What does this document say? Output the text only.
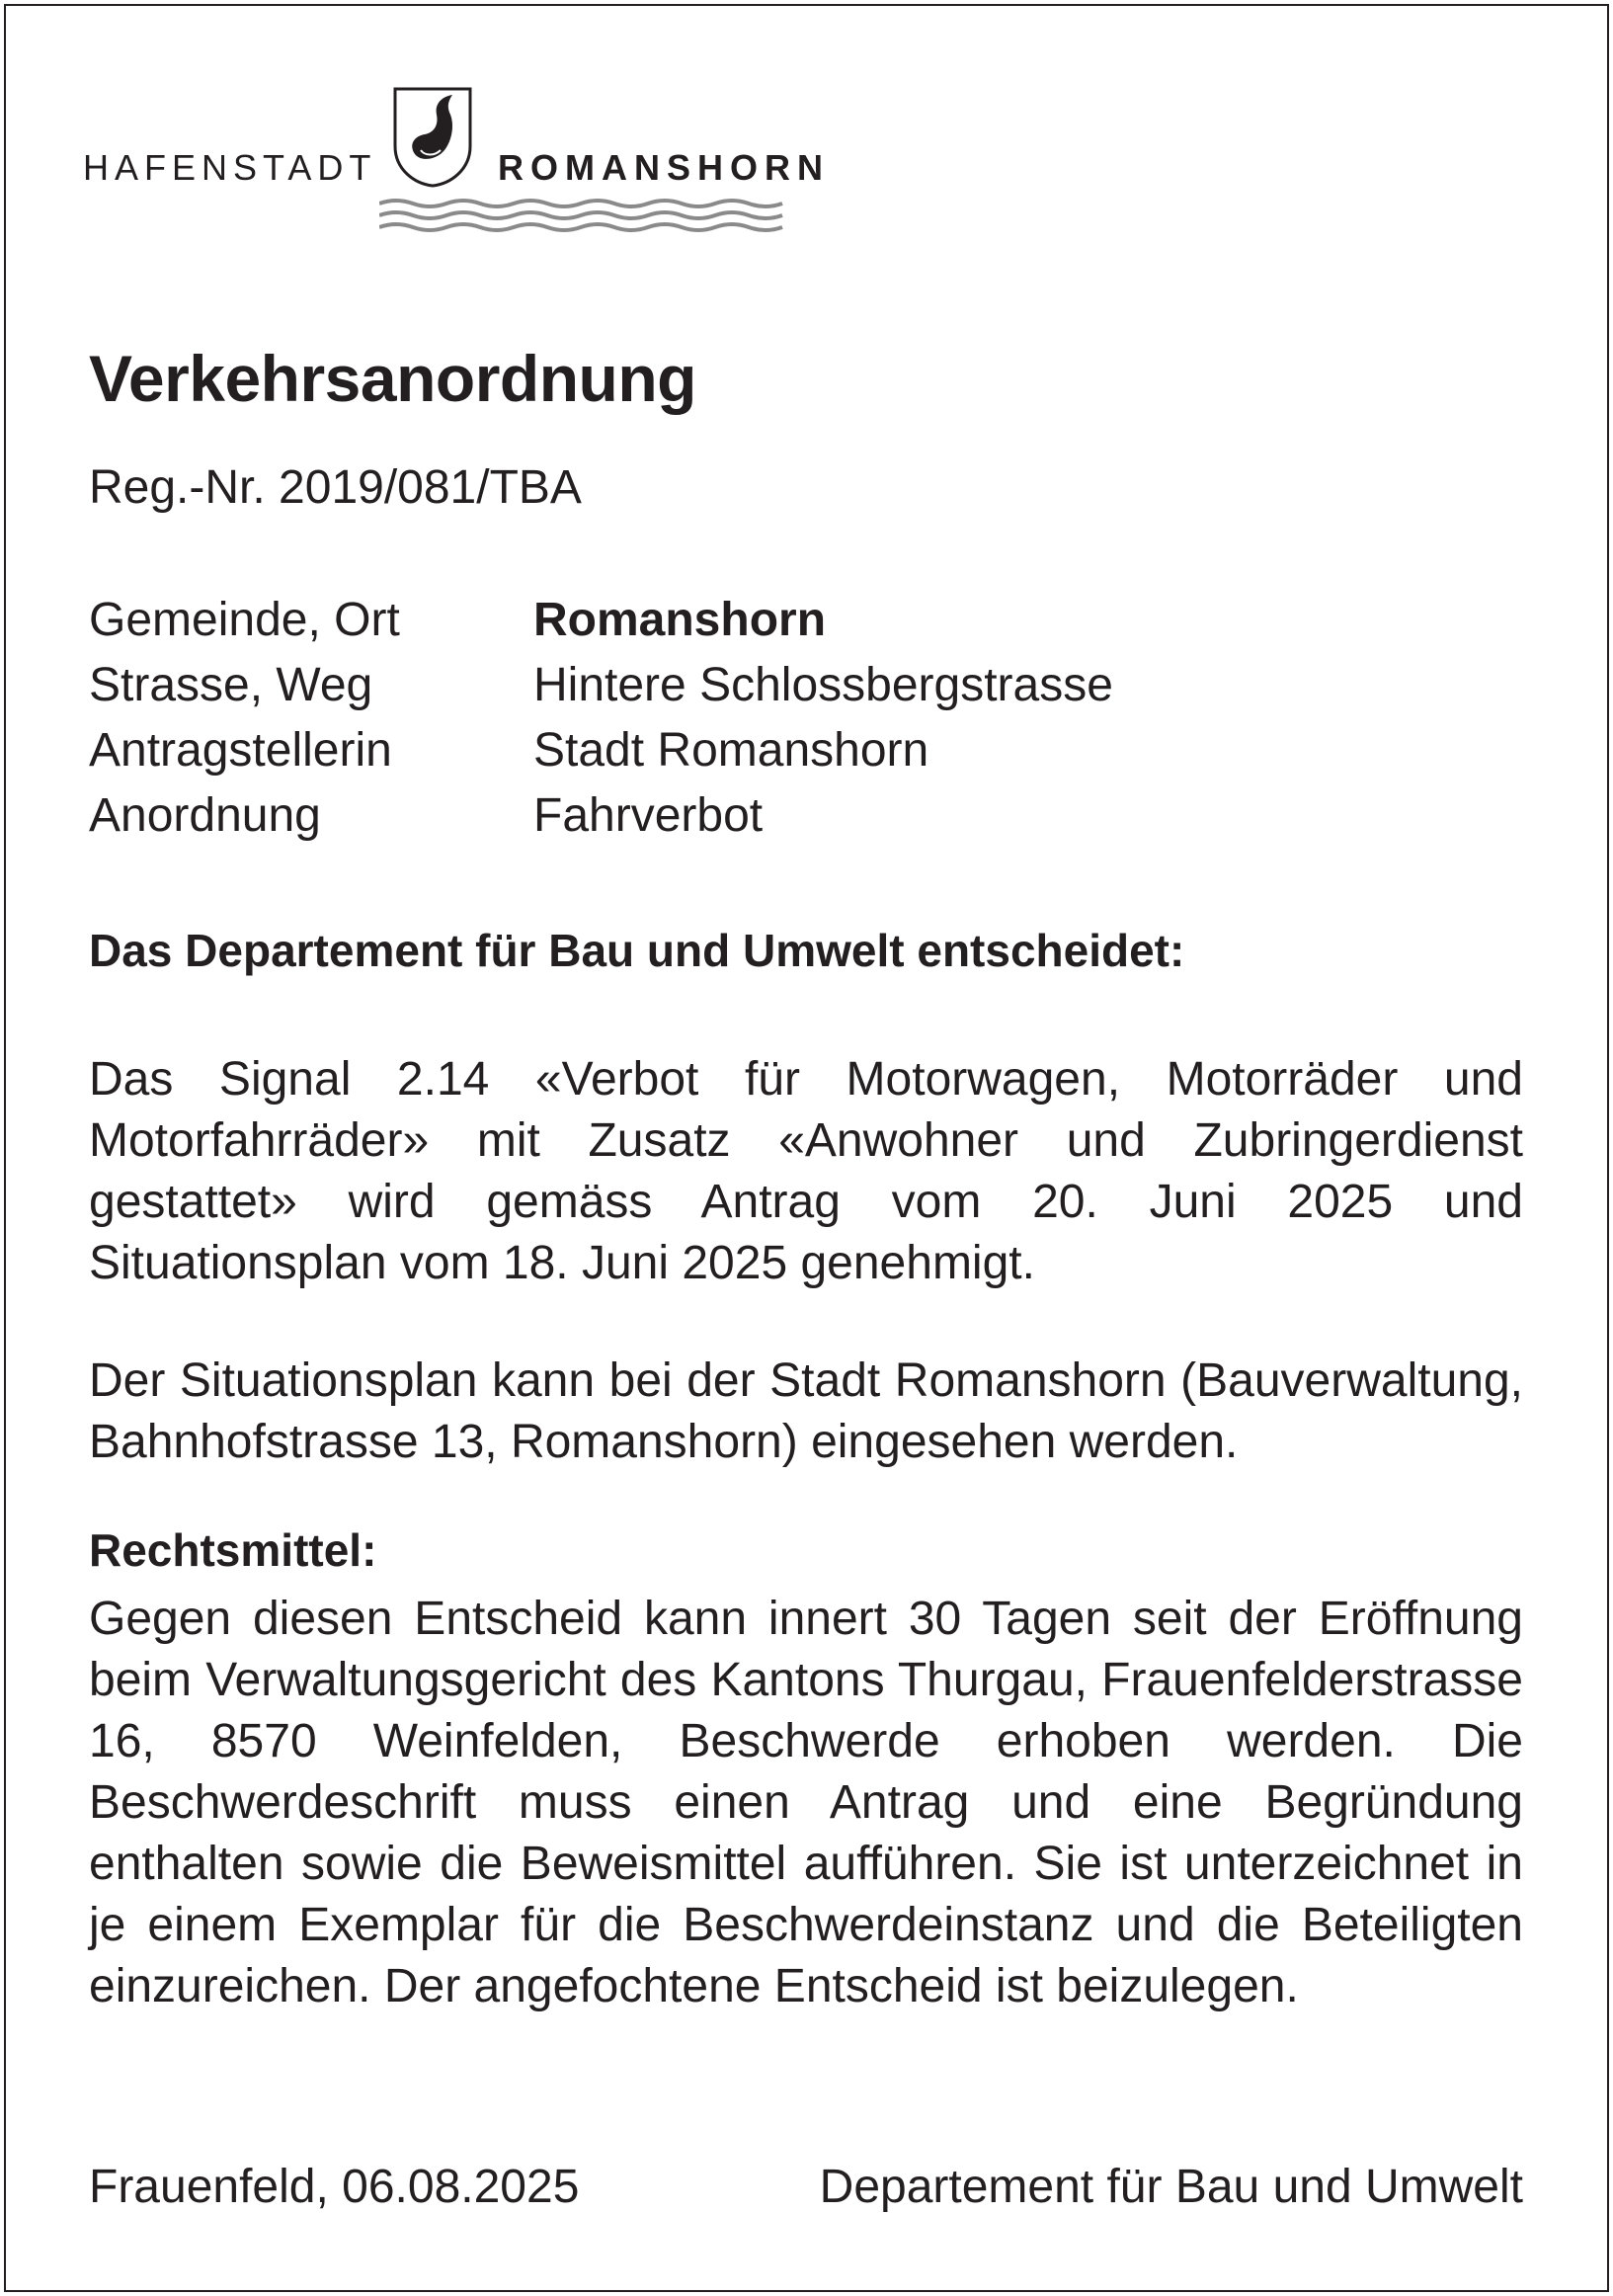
HAFENSTADT	ROMANSHORN
Verkehrsanordnung
Reg.-Nr. 2019/081/TBA
Gemeinde, Ort	Romanshorn
Strasse, Weg	Hintere Schlossbergstrasse
Antragstellerin	Stadt Romanshorn
Anordnung	Fahrverbot
Das Departement für Bau und Umwelt entscheidet:

Das Signal 2.14 «Verbot für Motorwagen, Motorräder und Motorfahrräder» mit Zusatz «Anwohner und Zubringerdienst gestattet» wird gemäss Antrag vom 20. Juni 2025 und Situationsplan vom 18. Juni 2025 genehmigt.

Der Situationsplan kann bei der Stadt Romanshorn (Bauverwaltung, Bahnhofstrasse 13, Romanshorn) eingesehen werden.

Rechtsmittel:

Gegen diesen Entscheid kann innert 30 Tagen seit der Eröffnung beim Verwaltungsgericht des Kantons Thurgau, Frauenfelderstrasse 16, 8570 Weinfelden, Beschwerde erhoben werden. Die Beschwerdeschrift muss einen Antrag und eine Begründung enthalten sowie die Beweismittel aufführen. Sie ist unterzeichnet in je einem Exemplar für die Beschwerdeinstanz und die Beteiligten einzureichen. Der angefochtene Entscheid ist beizulegen.

Frauenfeld, 06.08.2025	Departement für Bau und Umwelt
